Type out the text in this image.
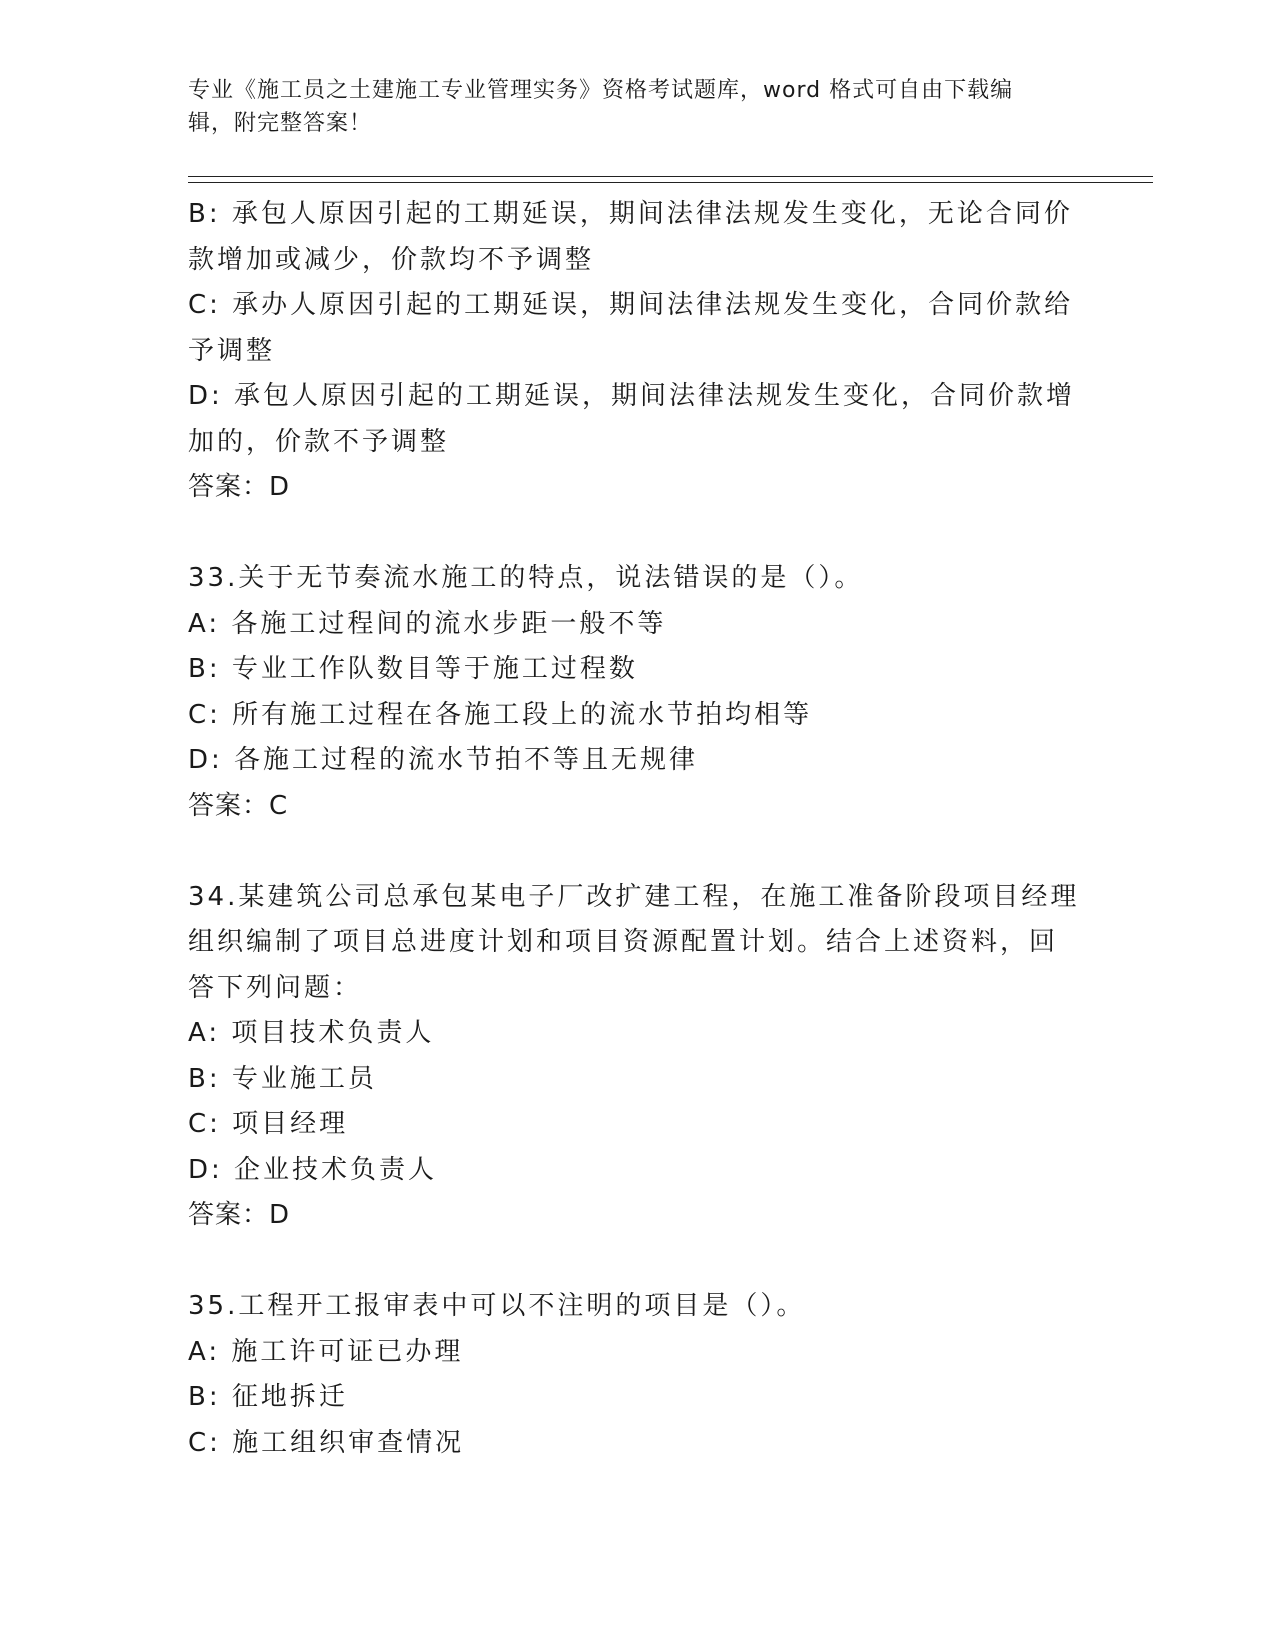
专业《施工员之土建施工专业管理实务》资格考试题库，word 格式可自由下载编
辑，附完整答案！
B: 承包人原因引起的工期延误，期间法律法规发生变化，无论合同价
款增加或减少，价款均不予调整
C: 承办人原因引起的工期延误，期间法律法规发生变化，合同价款给
予调整
D: 承包人原因引起的工期延误，期间法律法规发生变化，合同价款增
加的，价款不予调整
答案：D
33.关于无节奏流水施工的特点，说法错误的是（）。
A: 各施工过程间的流水步距一般不等
B: 专业工作队数目等于施工过程数
C: 所有施工过程在各施工段上的流水节拍均相等
D: 各施工过程的流水节拍不等且无规律
答案：C
34.某建筑公司总承包某电子厂改扩建工程，在施工准备阶段项目经理
组织编制了项目总进度计划和项目资源配置计划。结合上述资料，回
答下列问题：
A: 项目技术负责人
B: 专业施工员
C: 项目经理
D: 企业技术负责人
答案：D
35.工程开工报审表中可以不注明的项目是（）。
A: 施工许可证已办理
B: 征地拆迁
C: 施工组织审查情况
